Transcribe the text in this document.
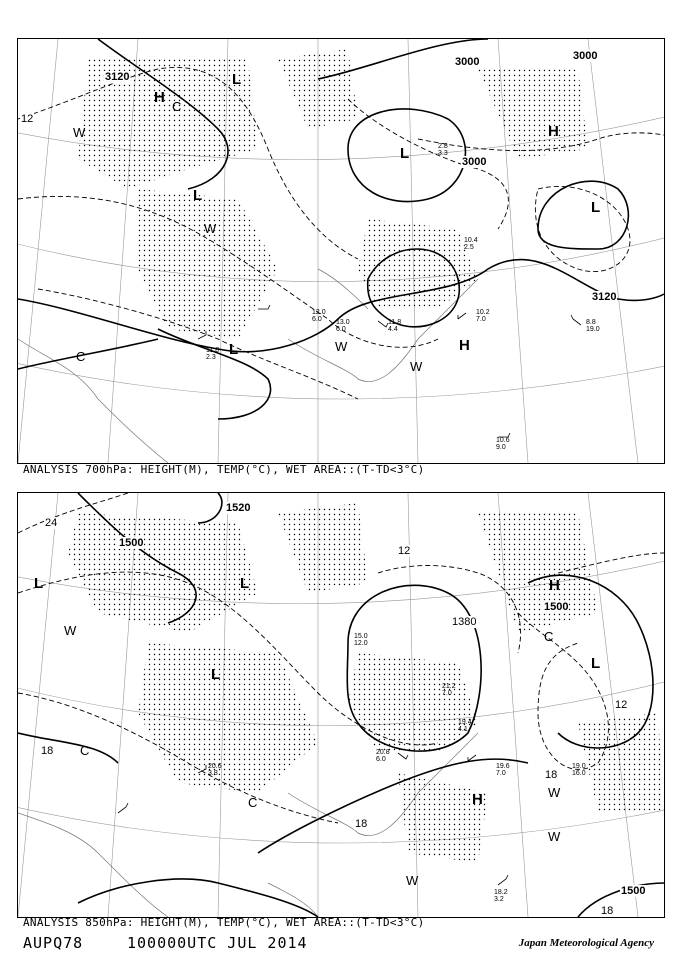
3000	3000
3120
3000
3120
12
L
L
L
L
L
H
H
H
W
W
W
W
C
C
10.6
9.0
10.2
7.0	8.8
19.0
11.8
4.4
12.0
6.0
11.8
2.3
13.0
6.0
2.8
3.3
10.4
2.5
ANALYSIS 700hPa: HEIGHT(M), TEMP(°C), WET AREA::(T-TD<3°C)
1500
1500
1500
1520
1380
24
12
18
18
12
18
18
L	L
L
L
H
H
W
W
W
W
C
C
C
19.6
7.0
18.2
3.2
20.8
6.0
19.4
4.1
20.6
3.8
15.0
12.0
21.2
7.0
19.0
16.0
ANALYSIS 850hPa: HEIGHT(M), TEMP(°C), WET AREA::(T-TD<3°C)
AUPQ78	100000UTC JUL 2014	Japan Meteorological Agency
